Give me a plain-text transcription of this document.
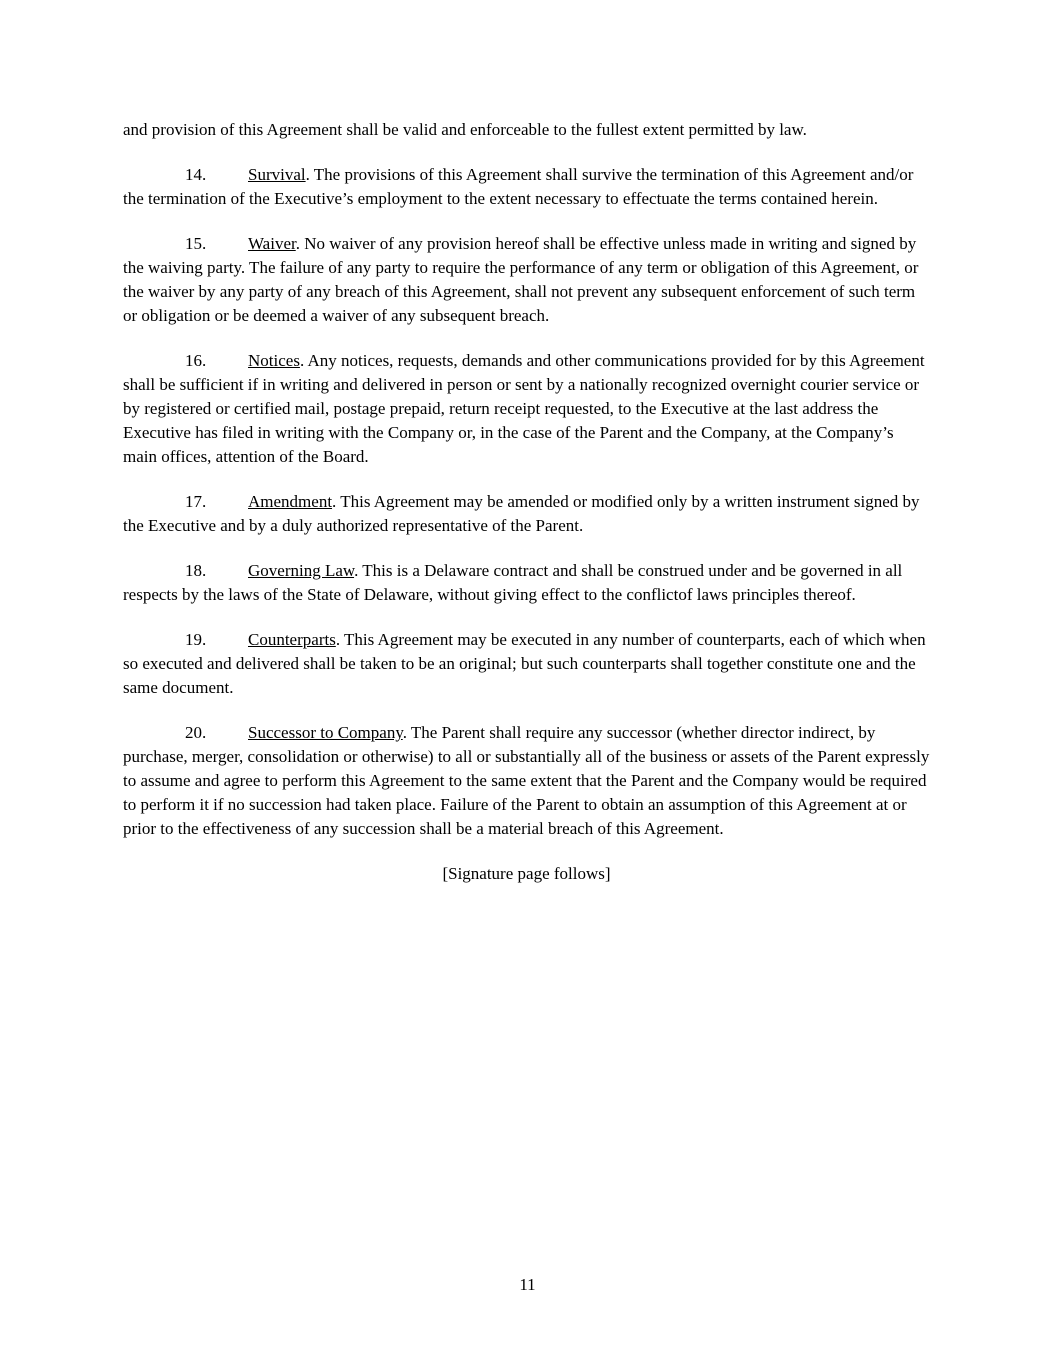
and provision of this Agreement shall be valid and enforceable to the fullest extent permitted by law.

14. Survival. The provisions of this Agreement shall survive the termination of this Agreement and/or the termination of the Executive’s employment to the extent necessary to effectuate the terms contained herein.

15. Waiver. No waiver of any provision hereof shall be effective unless made in writing and signed by the waiving party. The failure of any party to require the performance of any term or obligation of this Agreement, or the waiver by any party of any breach of this Agreement, shall not prevent any subsequent enforcement of such term or obligation or be deemed a waiver of any subsequent breach.

16. Notices. Any notices, requests, demands and other communications provided for by this Agreement shall be sufficient if in writing and delivered in person or sent by a nationally recognized overnight courier service or by registered or certified mail, postage prepaid, return receipt requested, to the Executive at the last address the Executive has filed in writing with the Company or, in the case of the Parent and the Company, at the Company’s main offices, attention of the Board.

17. Amendment. This Agreement may be amended or modified only by a written instrument signed by the Executive and by a duly authorized representative of the Parent.

18. Governing Law. This is a Delaware contract and shall be construed under and be governed in all respects by the laws of the State of Delaware, without giving effect to the conflictof laws principles thereof.

19. Counterparts. This Agreement may be executed in any number of counterparts, each of which when so executed and delivered shall be taken to be an original; but such counterparts shall together constitute one and the same document.

20. Successor to Company. The Parent shall require any successor (whether director indirect, by purchase, merger, consolidation or otherwise) to all or substantially all of the business or assets of the Parent expressly to assume and agree to perform this Agreement to the same extent that the Parent and the Company would be required to perform it if no succession had taken place. Failure of the Parent to obtain an assumption of this Agreement at or prior to the effectiveness of any succession shall be a material breach of this Agreement.

[Signature page follows]

11
